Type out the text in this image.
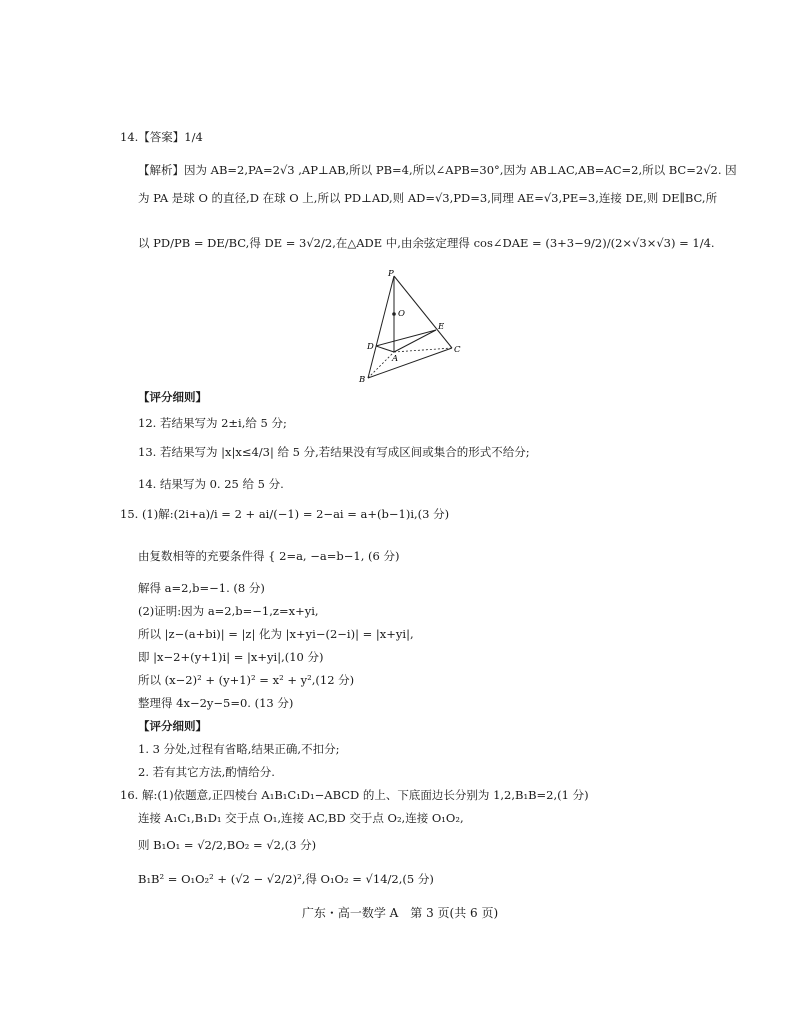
14.【答案】1/4
【解析】因为 AB=2,PA=2√3 ,AP⊥AB,所以 PB=4,所以∠APB=30°,因为 AB⊥AC,AB=AC=2,所以 BC=2√2. 因
为 PA 是球 O 的直径,D 在球 O 上,所以 PD⊥AD,则 AD=√3,PD=3,同理 AE=√3,PE=3,连接 DE,则 DE∥BC,所
以 PD/PB = DE/BC,得 DE = 3√2/2,在△ADE 中,由余弦定理得 cos∠DAE = (3+3−9/2)/(2×√3×√3) = 1/4.
P
O
E
D
A
C
B
【评分细则】
12. 若结果写为 2±i,给 5 分;
13. 若结果写为 |x|x≤4/3| 给 5 分,若结果没有写成区间或集合的形式不给分;
14. 结果写为 0. 25 给 5 分.
15. (1)解:(2i+a)/i = 2 + ai/(−1) = 2−ai = a+(b−1)i,(3 分)
由复数相等的充要条件得 { 2=a, −a=b−1, (6 分)
解得 a=2,b=−1. (8 分)
(2)证明:因为 a=2,b=−1,z=x+yi,
所以 |z−(a+bi)| = |z| 化为 |x+yi−(2−i)| = |x+yi|,
即 |x−2+(y+1)i| = |x+yi|,(10 分)
所以 (x−2)² + (y+1)² = x² + y²,(12 分)
整理得 4x−2y−5=0. (13 分)
【评分细则】
1. 3 分处,过程有省略,结果正确,不扣分;
2. 若有其它方法,酌情给分.
16. 解:(1)依题意,正四棱台 A₁B₁C₁D₁−ABCD 的上、下底面边长分别为 1,2,B₁B=2,(1 分)
连接 A₁C₁,B₁D₁ 交于点 O₁,连接 AC,BD 交于点 O₂,连接 O₁O₂,
则 B₁O₁ = √2/2,BO₂ = √2,(3 分)
B₁B² = O₁O₂² + (√2 − √2/2)²,得 O₁O₂ = √14/2,(5 分)
广东・高一数学 A　第 3 页(共 6 页)
